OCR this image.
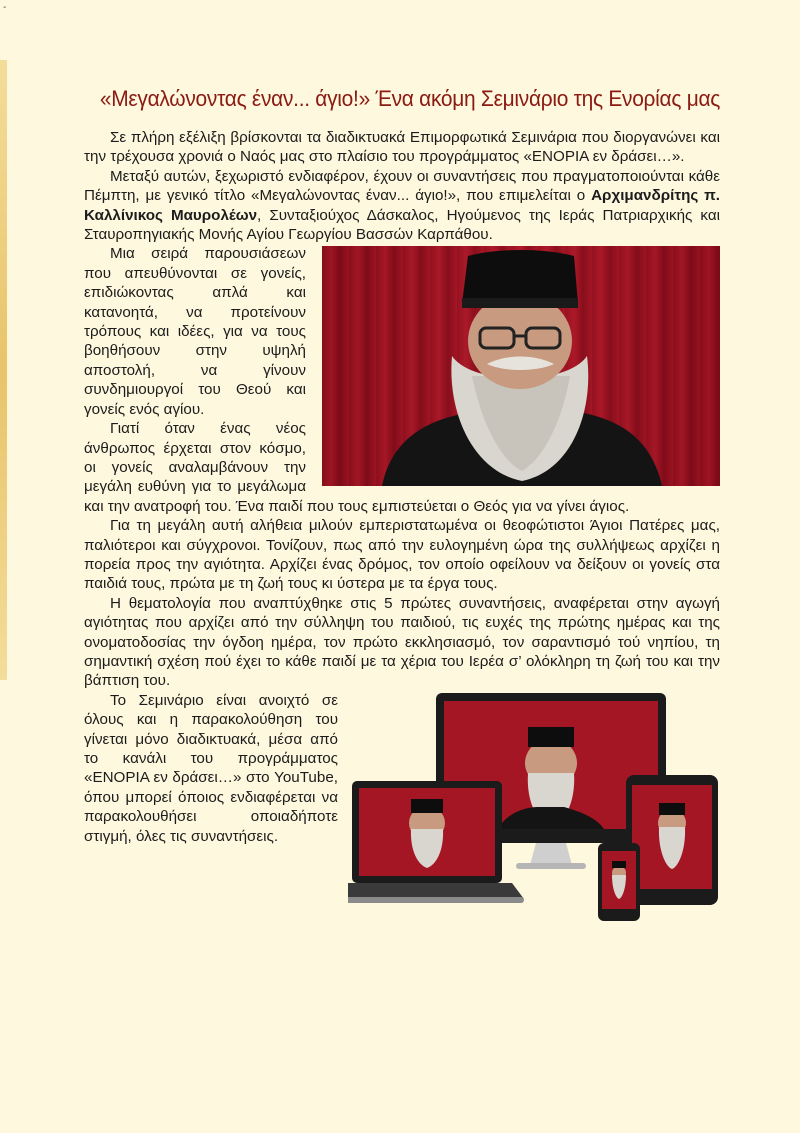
-
«Μεγαλώνοντας έναν... άγιο!» Ένα ακόμη Σεμινάριο της Ενορίας μας

Σε πλήρη εξέλιξη βρίσκονται τα διαδικτυακά Επιμορφωτικά Σεμινάρια που διοργανώνει και την τρέχουσα χρονιά ο Ναός μας στο πλαίσιο του προγράμματος «ΕΝΟΡΙΑ εν δράσει…».

Μεταξύ αυτών, ξεχωριστό ενδιαφέρον, έχουν οι συναντήσεις που πραγματοποιούνται κάθε Πέμπτη, με γενικό τίτλο «Μεγαλώνοντας έναν... άγιο!», που επιμελείται ο Αρχιμανδρίτης π. Καλλίνικος Μαυρολέων, Συνταξιούχος Δάσκαλος, Ηγούμενος της Ιεράς Πατριαρχικής και Σταυροπηγιακής Μονής Αγίου Γεωργίου Βασσών Καρπάθου.

Μια σειρά παρουσιάσεων που απευθύνονται σε γονείς, επιδιώκοντας απλά και κατανοητά, να προτείνουν τρόπους και ιδέες, για να τους βοηθήσουν στην υψηλή αποστολή, να γίνουν συνδημιουργοί του Θεού και γονείς ενός αγίου.

Γιατί όταν ένας νέος άνθρωπος έρχεται στον κόσμο, οι γονείς αναλαμβάνουν την μεγάλη ευθύνη για το μεγάλωμα και την ανατροφή του. Ένα παιδί που τους εμπιστεύεται ο Θεός για να γίνει άγιος.

Για τη μεγάλη αυτή αλήθεια μιλούν εμπεριστατωμένα οι θεοφώτιστοι Άγιοι Πατέρες μας, παλιότεροι και σύγχρονοι. Τονίζουν, πως από την ευλογημένη ώρα της συλλήψεως αρχίζει η πορεία προς την αγιότητα. Αρχίζει ένας δρόμος, τον οποίο οφείλουν να δείξουν οι γονείς στα παιδιά τους, πρώτα με τη ζωή τους κι ύστερα με τα έργα τους.

Η θεματολογία που αναπτύχθηκε στις 5 πρώτες συναντήσεις, αναφέρεται στην αγωγή αγιότητας που αρχίζει από την σύλληψη του παιδιού, τις ευχές της πρώτης ημέρας και της ονοματοδοσίας την όγδοη ημέρα, τον πρώτο εκκλησιασμό, τον σαραντισμό τού νηπίου, τη σημαντική σχέση πού έχει το κάθε παιδί με τα χέρια του Ιερέα σ’ ολόκληρη τη ζωή του και την βάπτιση του.

Το Σεμινάριο είναι ανοιχτό σε όλους και η παρακολούθηση του γίνεται μόνο διαδικτυακά, μέσα από το κανάλι του προγράμματος «ΕΝΟΡΙΑ εν δράσει…» στο YouTube, όπου μπορεί όποιος ενδιαφέρεται να παρακολουθήσει οποιαδήποτε στιγμή, όλες τις συναντήσεις.
